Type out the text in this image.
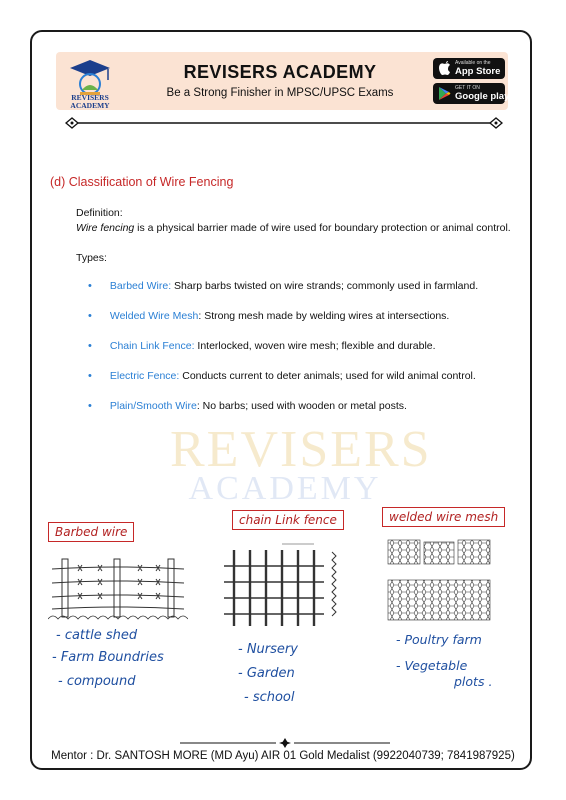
REVISERS ACADEMY
REVISERS ACADEMY
Be a Strong Finisher in MPSC/UPSC Exams
Available on the
App Store
GET IT ON
Google play
REVISERS
ACADEMY
(d) Classification of Wire Fencing
Definition:
Wire fencing is a physical barrier made of wire used for boundary protection or animal control.
Types:
• Barbed Wire: Sharp barbs twisted on wire strands; commonly used in farmland.
• Welded Wire Mesh: Strong mesh made by welding wires at intersections.
• Chain Link Fence: Interlocked, woven wire mesh; flexible and durable.
• Electric Fence: Conducts current to deter animals; used for wild animal control.
• Plain/Smooth Wire: No barbs; used with wooden or metal posts.
Barbed wire
chain Link fence	welded wire mesh
- cattle shed
- Farm Boundries
- compound
- Nursery
- Garden
- school
- Poultry farm
- Vegetable
plots .
Mentor : Dr. SANTOSH MORE (MD Ayu) AIR 01 Gold Medalist (9922040739; 7841987925)
